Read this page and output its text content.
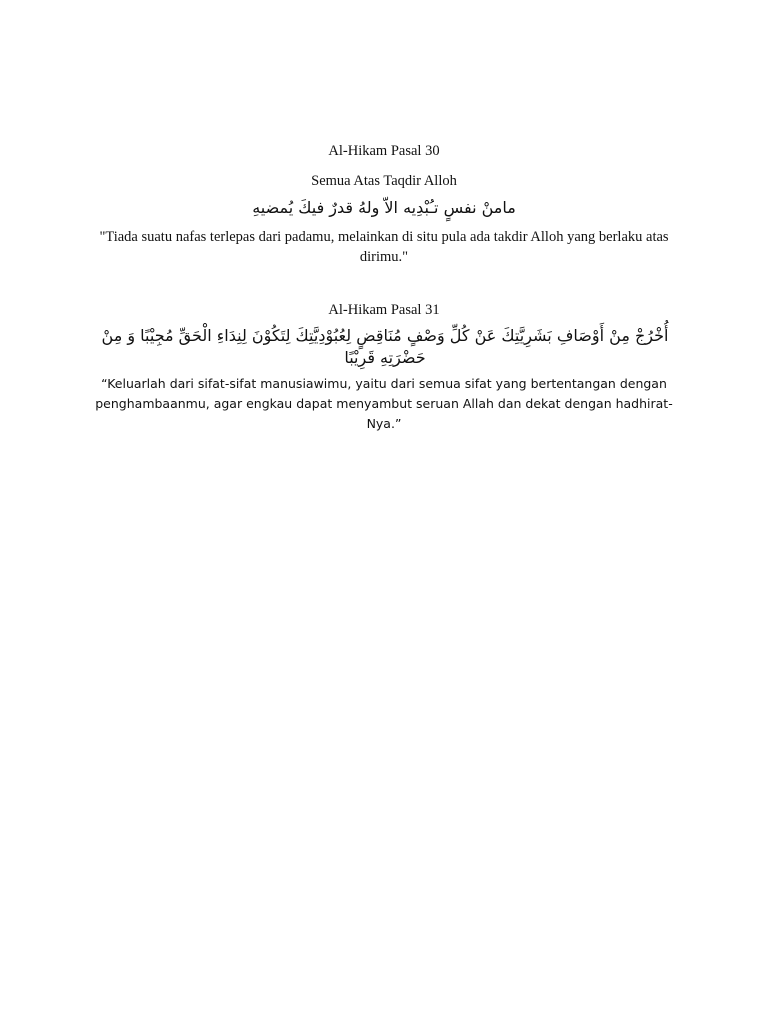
Al-Hikam Pasal 30
Semua Atas Taqdir Alloh
مامنْ نفسٍ تـُبْدِيه الاّ ولهُ قدرٌ فيكَ يُمضيهِ
"Tiada suatu nafas terlepas dari padamu, melainkan di situ pula ada takdir Alloh yang berlaku atas dirimu."
Al-Hikam Pasal 31
أُخْرُجْ مِنْ أَوْصَافِ بَشَرِيَّتِكَ عَنْ كُلِّ وَصْفٍ مُنَاقِضٍ لِعُبُوْدِيَّتِكَ لِتَكُوْنَ لِنِدَاءِ الْحَقِّ مُجِيْبًا وَ مِنْ حَضْرَتِهِ قَرِيْبًا
“Keluarlah dari sifat-sifat manusiawimu, yaitu dari semua sifat yang bertentangan dengan penghambaanmu, agar engkau dapat menyambut seruan Allah dan dekat dengan hadhirat-Nya.”
